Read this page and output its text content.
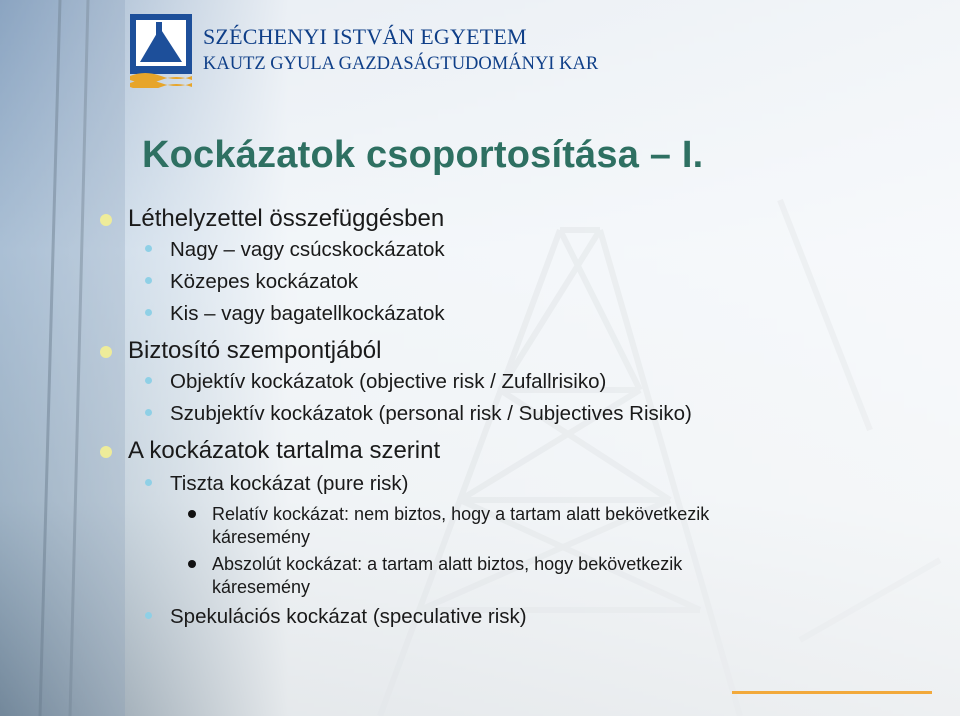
SZÉCHENYI ISTVÁN EGYETEM
KAUTZ GYULA GAZDASÁGTUDOMÁNYI KAR
Kockázatok csoportosítása – I.
Léthelyzettel összefüggésben
Nagy – vagy csúcskockázatok
Közepes kockázatok
Kis – vagy bagatellkockázatok
Biztosító szempontjából
Objektív kockázatok (objective risk / Zufallrisiko)
Szubjektív kockázatok (personal risk / Subjectives Risiko)
A kockázatok tartalma szerint
Tiszta kockázat (pure risk)
Relatív kockázat: nem biztos, hogy a tartam alatt bekövetkezik
káresemény
Abszolút kockázat: a tartam alatt biztos, hogy bekövetkezik
káresemény
Spekulációs kockázat (speculative risk)
